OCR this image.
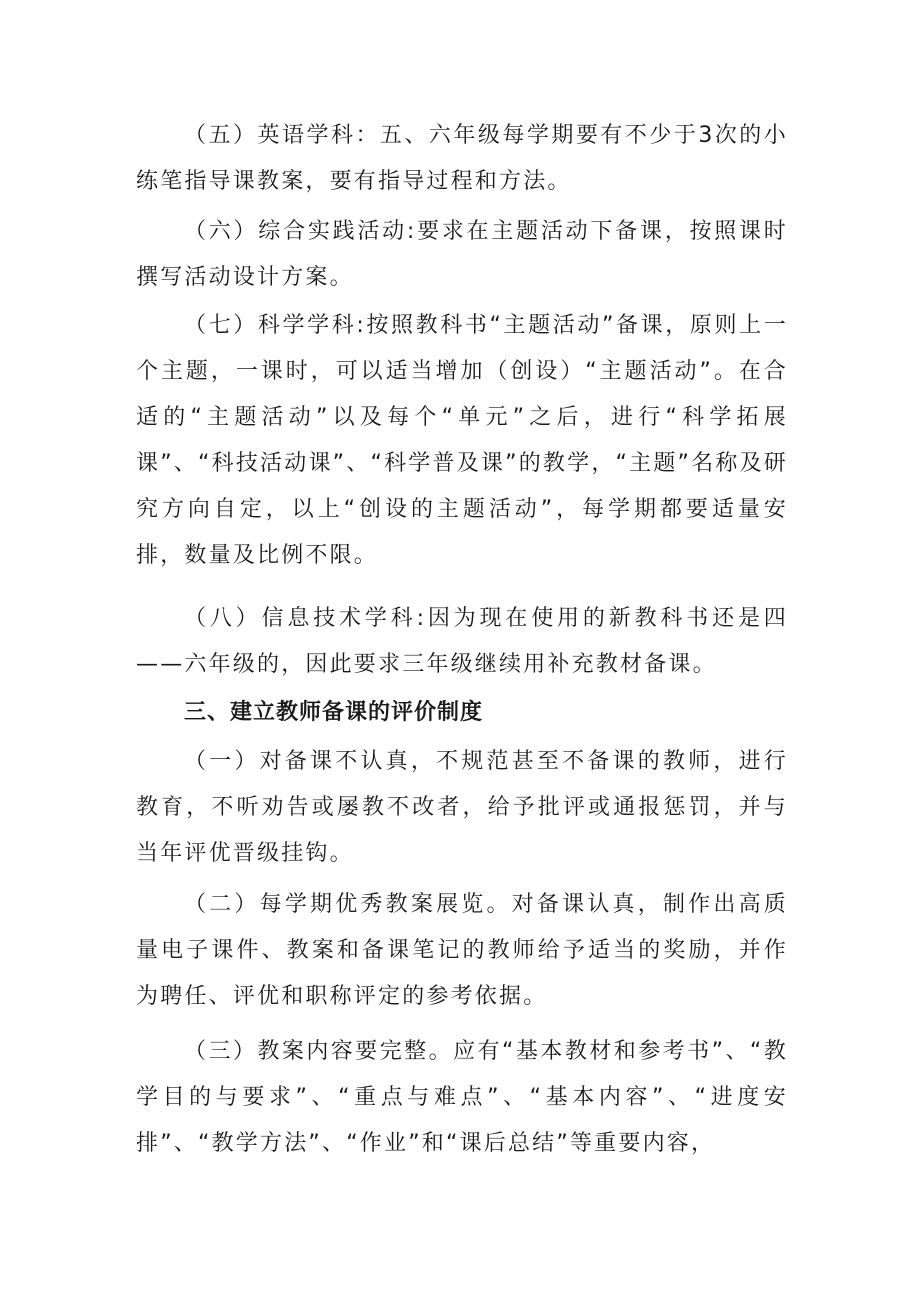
（五）英语学科：五、六年级每学期要有不少于3次的小练笔指导课教案，要有指导过程和方法。

（六）综合实践活动:要求在主题活动下备课，按照课时撰写活动设计方案。

（七）科学学科:按照教科书“主题活动”备课，原则上一个主题，一课时，可以适当增加（创设）“主题活动”。在合适的“主题活动”以及每个“单元”之后，进行“科学拓展课”、“科技活动课”、“科学普及课”的教学，“主题”名称及研究方向自定，以上“创设的主题活动”，每学期都要适量安排，数量及比例不限。

（八）信息技术学科:因为现在使用的新教科书还是四——六年级的，因此要求三年级继续用补充教材备课。

三、建立教师备课的评价制度

（一）对备课不认真，不规范甚至不备课的教师，进行教育，不听劝告或屡教不改者，给予批评或通报惩罚，并与当年评优晋级挂钩。

（二）每学期优秀教案展览。对备课认真，制作出高质量电子课件、教案和备课笔记的教师给予适当的奖励，并作为聘任、评优和职称评定的参考依据。

（三）教案内容要完整。应有“基本教材和参考书”、“教学目的与要求”、“重点与难点”、“基本内容”、“进度安排”、“教学方法”、“作业”和“课后总结”等重要内容，
